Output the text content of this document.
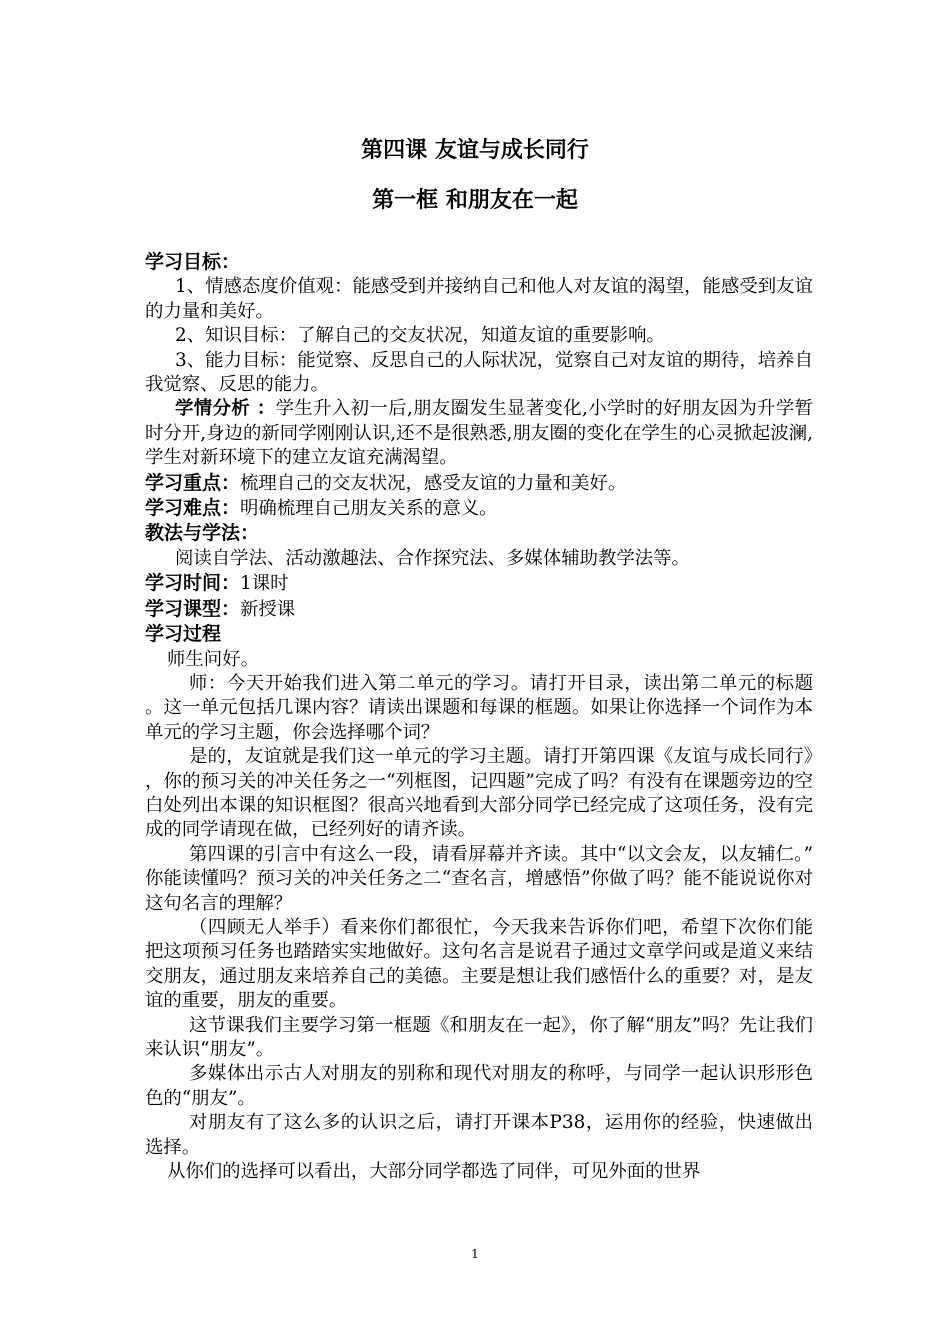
第四课 友谊与成长同行
第一框 和朋友在一起

学习目标：

1、情感态度价值观：能感受到并接纳自己和他人对友谊的渴望，能感受到友谊的力量和美好。

2、知识目标：了解自己的交友状况，知道友谊的重要影响。

3、能力目标：能觉察、反思自己的人际状况，觉察自己对友谊的期待，培养自我觉察、反思的能力。

学情分析 ：学生升入初一后,朋友圈发生显著变化,小学时的好朋友因为升学暂时分开,身边的新同学刚刚认识,还不是很熟悉,朋友圈的变化在学生的心灵掀起波澜,学生对新环境下的建立友谊充满渴望。

学习重点：梳理自己的交友状况，感受友谊的力量和美好。

学习难点：明确梳理自己朋友关系的意义。

教法与学法：

阅读自学法、活动激趣法、合作探究法、多媒体辅助教学法等。

学习时间：1课时

学习课型：新授课

学习过程

师生问好。

师：今天开始我们进入第二单元的学习。请打开目录，读出第二单元的标题。这一单元包括几课内容？请读出课题和每课的框题。如果让你选择一个词作为本单元的学习主题，你会选择哪个词？

是的，友谊就是我们这一单元的学习主题。请打开第四课《友谊与成长同行》，你的预习关的冲关任务之一“列框图，记四题”完成了吗？有没有在课题旁边的空白处列出本课的知识框图？很高兴地看到大部分同学已经完成了这项任务，没有完成的同学请现在做，已经列好的请齐读。

第四课的引言中有这么一段，请看屏幕并齐读。其中“以文会友，以友辅仁。”你能读懂吗？预习关的冲关任务之二“查名言，增感悟”你做了吗？能不能说说你对这句名言的理解？

（四顾无人举手）看来你们都很忙，今天我来告诉你们吧，希望下次你们能把这项预习任务也踏踏实实地做好。这句名言是说君子通过文章学问或是道义来结交朋友，通过朋友来培养自己的美德。主要是想让我们感悟什么的重要？对，是友谊的重要，朋友的重要。

这节课我们主要学习第一框题《和朋友在一起》，你了解“朋友”吗？先让我们来认识“朋友”。

多媒体出示古人对朋友的别称和现代对朋友的称呼，与同学一起认识形形色色的“朋友”。

对朋友有了这么多的认识之后，请打开课本P38，运用你的经验，快速做出选择。

从你们的选择可以看出，大部分同学都选了同伴，可见外面的世界

1
